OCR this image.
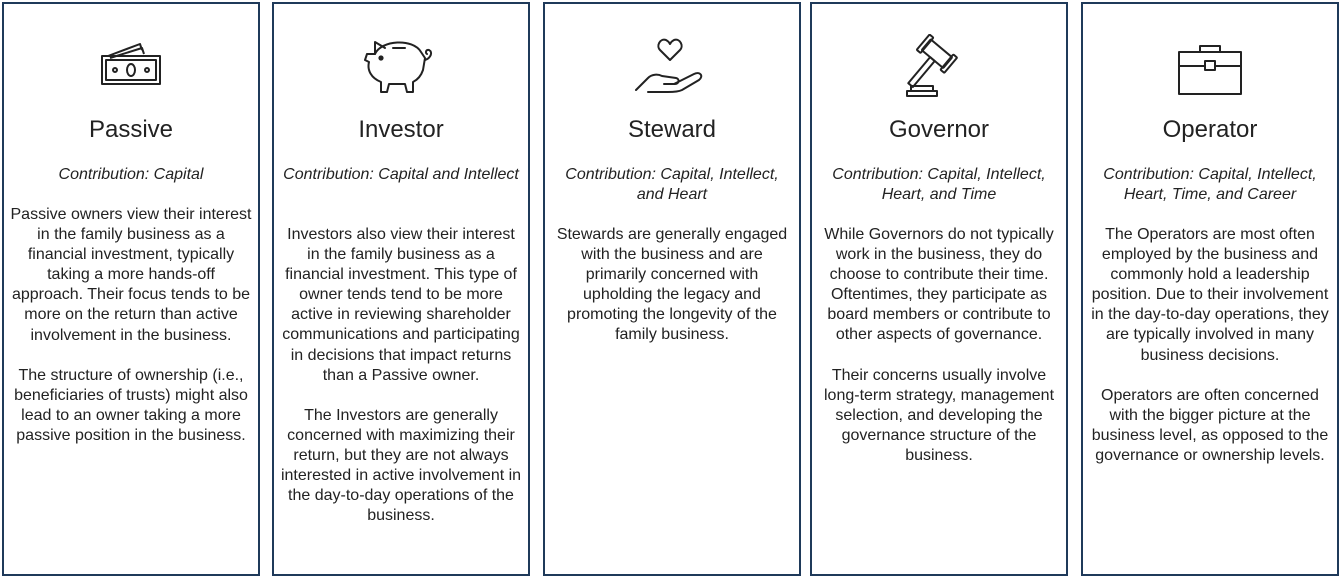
Passive
Contribution: Capital

Passive owners view their interest in the family business as a financial investment, typically taking a more hands-off approach. Their focus tends to be more on the return than active involvement in the business.

The structure of ownership (i.e., beneficiaries of trusts) might also lead to an owner taking a more passive position in the business.

Investor
Contribution: Capital and Intellect

Investors also view their interest in the family business as a financial investment. This type of owner tends tend to be more active in reviewing shareholder communications and participating in decisions that impact returns than a Passive owner.

The Investors are generally concerned with maximizing their return, but they are not always interested in active involvement in the day-to-day operations of the business.

Steward
Contribution: Capital, Intellect, and Heart

Stewards are generally engaged with the business and are primarily concerned with upholding the legacy and promoting the longevity of the family business.

Governor
Contribution: Capital, Intellect, Heart, and Time

While Governors do not typically work in the business, they do choose to contribute their time. Oftentimes, they participate as board members or contribute to other aspects of governance.

Their concerns usually involve long-term strategy, management selection, and developing the governance structure of the business.

Operator
Contribution: Capital, Intellect, Heart, Time, and Career

The Operators are most often employed by the business and commonly hold a leadership position. Due to their involvement in the day-to-day operations, they are typically involved in many business decisions.

Operators are often concerned with the bigger picture at the business level, as opposed to the governance or ownership levels.
